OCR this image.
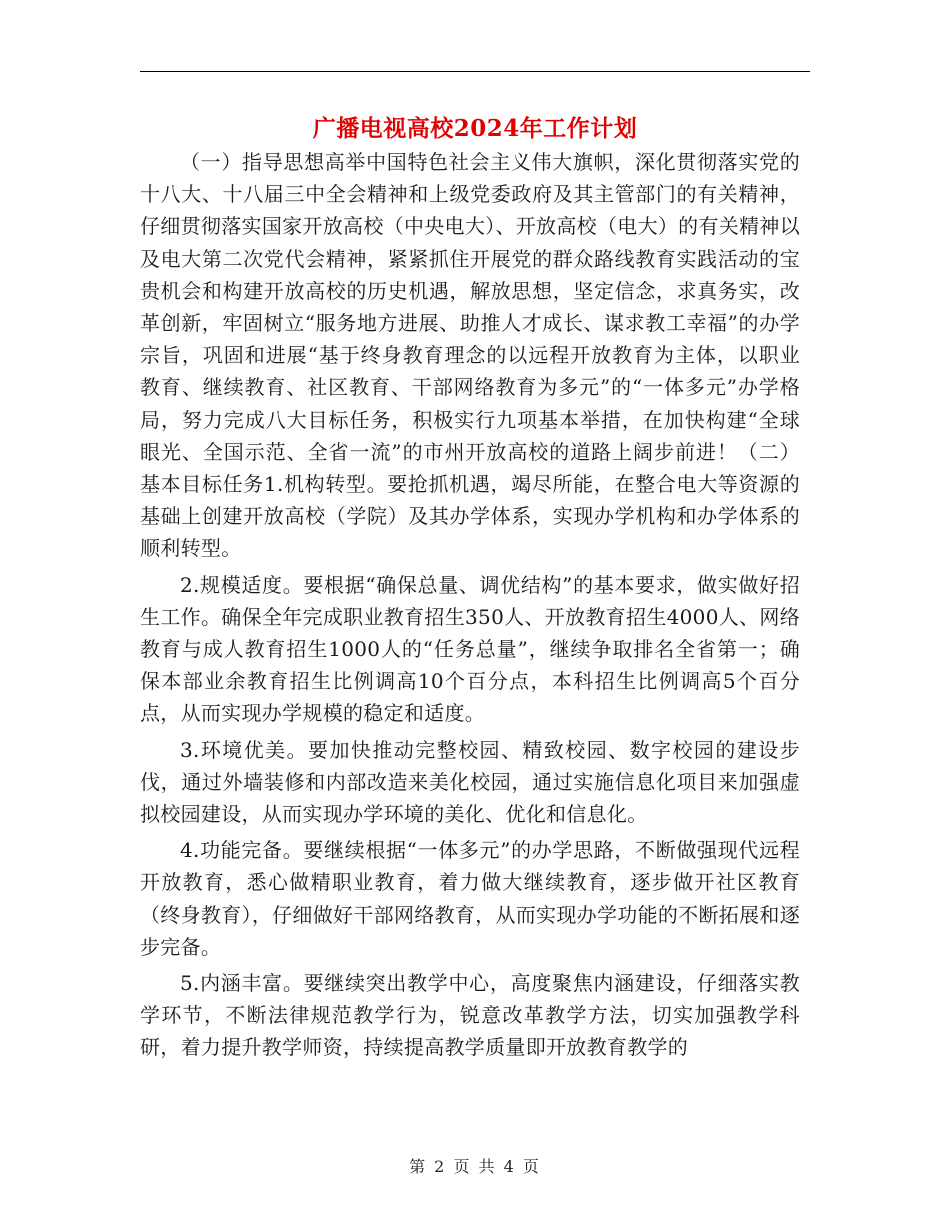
广播电视高校2024年工作计划

（一）指导思想高举中国特色社会主义伟大旗帜，深化贯彻落实党的十八大、十八届三中全会精神和上级党委政府及其主管部门的有关精神，仔细贯彻落实国家开放高校（中央电大）、开放高校（电大）的有关精神以及电大第二次党代会精神，紧紧抓住开展党的群众路线教育实践活动的宝贵机会和构建开放高校的历史机遇，解放思想，坚定信念，求真务实，改革创新，牢固树立“服务地方进展、助推人才成长、谋求教工幸福”的办学宗旨，巩固和进展“基于终身教育理念的以远程开放教育为主体，以职业教育、继续教育、社区教育、干部网络教育为多元”的“一体多元”办学格局，努力完成八大目标任务，积极实行九项基本举措，在加快构建“全球眼光、全国示范、全省一流”的市州开放高校的道路上阔步前进！（二）基本目标任务1.机构转型。要抢抓机遇，竭尽所能，在整合电大等资源的基础上创建开放高校（学院）及其办学体系，实现办学机构和办学体系的顺利转型。

2.规模适度。要根据“确保总量、调优结构”的基本要求，做实做好招生工作。确保全年完成职业教育招生350人、开放教育招生4000人、网络教育与成人教育招生1000人的“任务总量”，继续争取排名全省第一；确保本部业余教育招生比例调高10个百分点，本科招生比例调高5个百分点，从而实现办学规模的稳定和适度。

3.环境优美。要加快推动完整校园、精致校园、数字校园的建设步伐，通过外墙装修和内部改造来美化校园，通过实施信息化项目来加强虚拟校园建设，从而实现办学环境的美化、优化和信息化。

4.功能完备。要继续根据“一体多元”的办学思路，不断做强现代远程开放教育，悉心做精职业教育，着力做大继续教育，逐步做开社区教育（终身教育），仔细做好干部网络教育，从而实现办学功能的不断拓展和逐步完备。

5.内涵丰富。要继续突出教学中心，高度聚焦内涵建设，仔细落实教学环节，不断法律规范教学行为，锐意改革教学方法，切实加强教学科研，着力提升教学师资，持续提高教学质量即开放教育教学的

第 2 页 共 4 页
